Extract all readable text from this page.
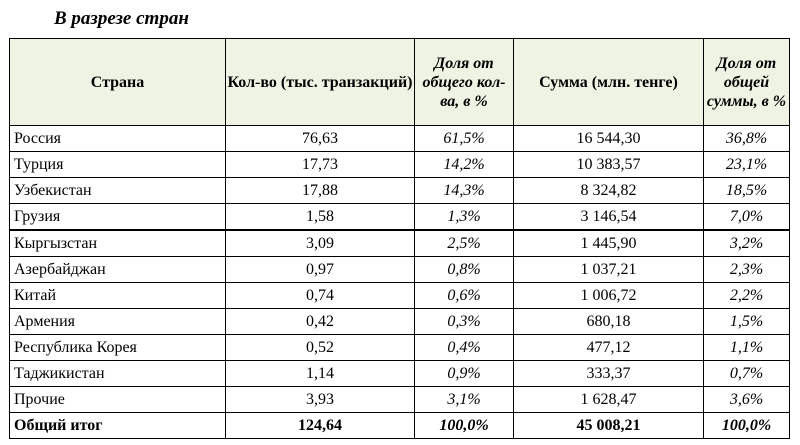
В разрезе стран
Страна	Кол-во (тыс. транзакций)	Доля от общего кол-ва, в %	Сумма (млн. тенге)	Доля от общей суммы, в %
Россия	76,63	61,5%	16 544,30	36,8%
Турция	17,73	14,2%	10 383,57	23,1%
Узбекистан	17,88	14,3%	8 324,82	18,5%
Грузия	1,58	1,3%	3 146,54	7,0%
Кыргызстан	3,09	2,5%	1 445,90	3,2%
Азербайджан	0,97	0,8%	1 037,21	2,3%
Китай	0,74	0,6%	1 006,72	2,2%
Армения	0,42	0,3%	680,18	1,5%
Республика Корея	0,52	0,4%	477,12	1,1%
Таджикистан	1,14	0,9%	333,37	0,7%
Прочие	3,93	3,1%	1 628,47	3,6%
Общий итог	124,64	100,0%	45 008,21	100,0%
